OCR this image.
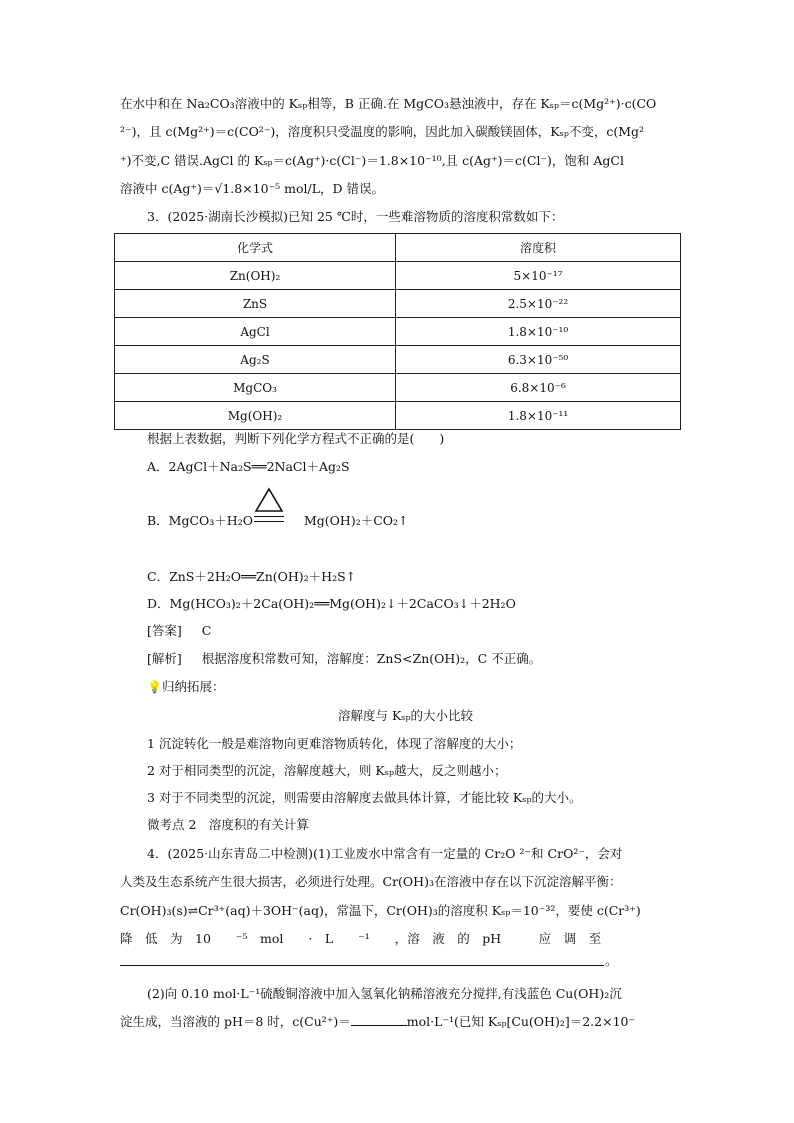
在水中和在 Na₂CO₃溶液中的 Kₛₚ相等，B 正确.在 MgCO₃悬浊液中，存在 Kₛₚ＝c(Mg²⁺)·c(CO
²⁻)，且 c(Mg²⁺)＝c(CO²⁻)，溶度积只受温度的影响，因此加入碳酸镁固体，Kₛₚ不变，c(Mg²
⁺)不变,C 错误.AgCl 的 Kₛₚ＝c(Ag⁺)·c(Cl⁻)＝1.8×10⁻¹⁰,且 c(Ag⁺)＝c(Cl⁻)，饱和 AgCl
溶液中 c(Ag⁺)＝√1.8×10⁻⁵ mol/L，D 错误。
3．(2025·湖南长沙模拟)已知 25 ℃时，一些难溶物质的溶度积常数如下：
化学式	溶度积
Zn(OH)₂	5×10⁻¹⁷
ZnS	2.5×10⁻²²
AgCl	1.8×10⁻¹⁰
Ag₂S	6.3×10⁻⁵⁰
MgCO₃	6.8×10⁻⁶
Mg(OH)₂	1.8×10⁻¹¹
根据上表数据，判断下列化学方程式不正确的是(　　)
A．2AgCl＋Na₂S══2NaCl＋Ag₂S
B．MgCO₃＋H₂O	Mg(OH)₂＋CO₂↑
C．ZnS＋2H₂O══Zn(OH)₂＋H₂S↑
D．Mg(HCO₃)₂＋2Ca(OH)₂══Mg(OH)₂↓＋2CaCO₃↓＋2H₂O
[答案] C
[解析] 根据溶度积常数可知，溶解度：ZnS<Zn(OH)₂，C 不正确。
💡归纳拓展：
溶解度与 Kₛₚ的大小比较
1 沉淀转化一般是难溶物向更难溶物质转化，体现了溶解度的大小；
2 对于相同类型的沉淀，溶解度越大，则 Kₛₚ越大，反之则越小；
3 对于不同类型的沉淀，则需要由溶解度去做具体计算，才能比较 Kₛₚ的大小。
微考点 2　溶度积的有关计算
4．(2025·山东青岛二中检测)(1)工业废水中常含有一定量的 Cr₂O ²⁻和 CrO²⁻，会对
人类及生态系统产生很大损害，必须进行处理。Cr(OH)₃在溶液中存在以下沉淀溶解平衡：
Cr(OH)₃(s)⇌Cr³⁺(aq)＋3OH⁻(aq)，常温下，Cr(OH)₃的溶度积 Kₛₚ＝10⁻³²，要使 c(Cr³⁺)
降　低　为　10　　⁻⁵　mol　　·　L　　⁻¹　　，溶　液　的　pH　　　应　调　至
。
(2)向 0.10 mol·L⁻¹硫酸铜溶液中加入氢氧化钠稀溶液充分搅拌,有浅蓝色 Cu(OH)₂沉
淀生成，当溶液的 pH＝8 时，c(Cu²⁺)＝	mol·L⁻¹(已知 Kₛₚ[Cu(OH)₂]＝2.2×10⁻
